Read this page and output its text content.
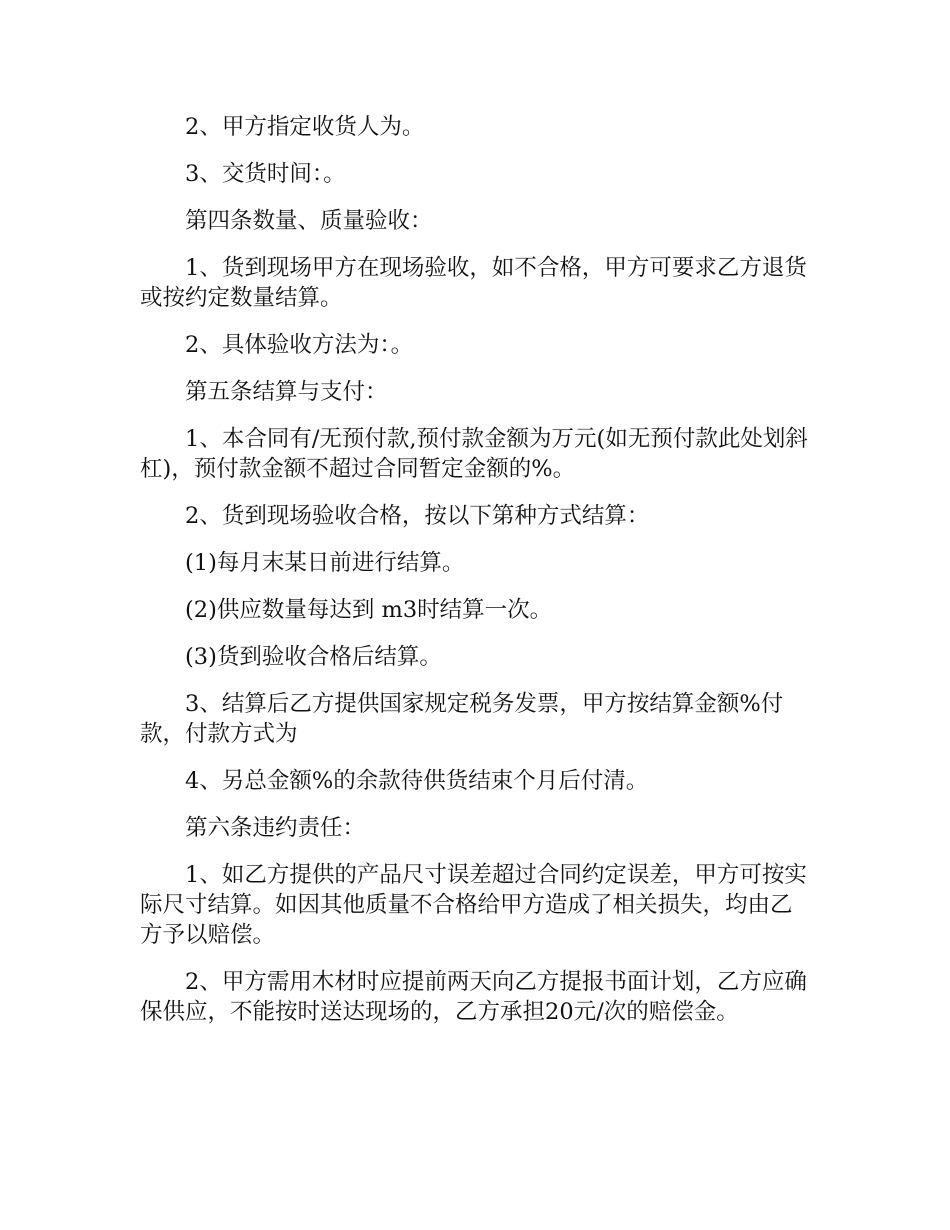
2、甲方指定收货人为。

3、交货时间：。

第四条数量、质量验收：

1、货到现场甲方在现场验收，如不合格，甲方可要求乙方退货或按约定数量结算。

2、具体验收方法为：。

第五条结算与支付：

1、本合同有/无预付款,预付款金额为万元(如无预付款此处划斜杠)，预付款金额不超过合同暂定金额的%。

2、货到现场验收合格，按以下第种方式结算：

(1)每月末某日前进行结算。

(2)供应数量每达到 m3时结算一次。

(3)货到验收合格后结算。

3、结算后乙方提供国家规定税务发票，甲方按结算金额%付款，付款方式为

4、另总金额%的余款待供货结束个月后付清。

第六条违约责任：

1、如乙方提供的产品尺寸误差超过合同约定误差，甲方可按实际尺寸结算。如因其他质量不合格给甲方造成了相关损失，均由乙方予以赔偿。

2、甲方需用木材时应提前两天向乙方提报书面计划，乙方应确保供应，不能按时送达现场的，乙方承担20元/次的赔偿金。
